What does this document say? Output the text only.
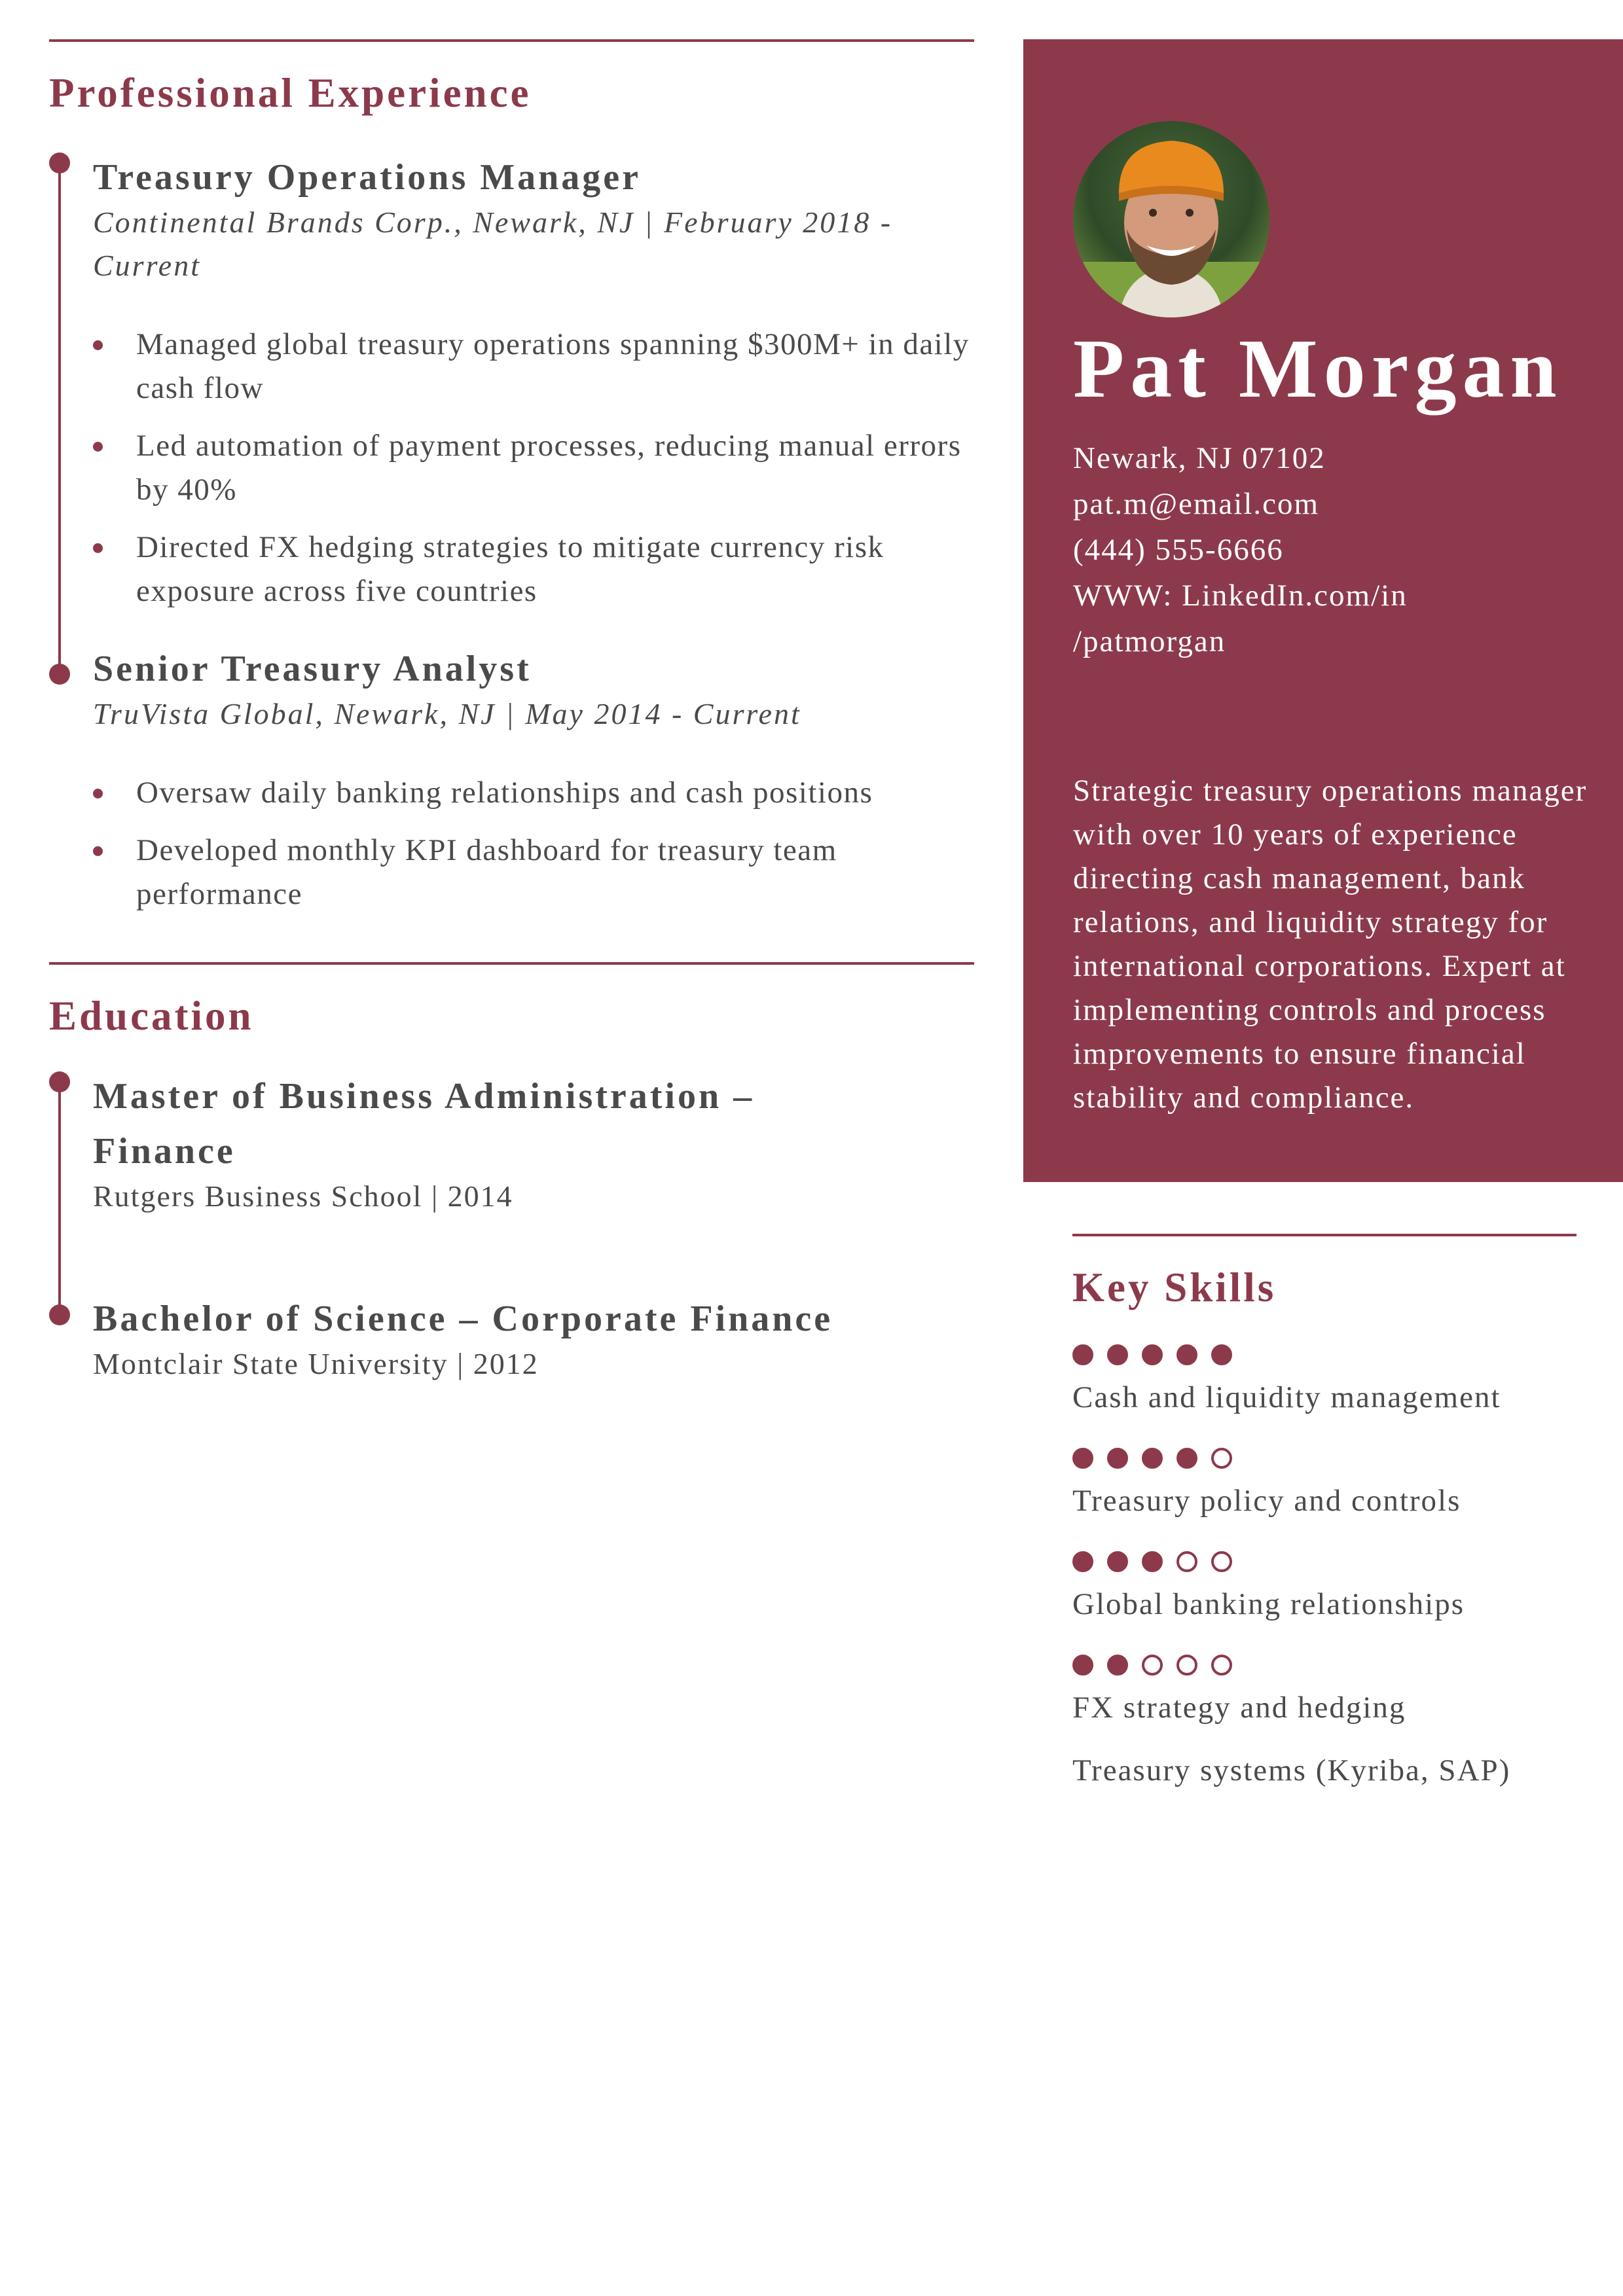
Professional Experience
Treasury Operations Manager
Continental Brands Corp., Newark, NJ | February 2018 - Current
Managed global treasury operations spanning $300M+ in daily cash flow
Led automation of payment processes, reducing manual errors by 40%
Directed FX hedging strategies to mitigate currency risk exposure across five countries
Senior Treasury Analyst
TruVista Global, Newark, NJ | May 2014 - Current
Oversaw daily banking relationships and cash positions
Developed monthly KPI dashboard for treasury team performance
Education
Master of Business Administration – Finance
Rutgers Business School | 2014
Bachelor of Science – Corporate Finance
Montclair State University | 2012
Pat Morgan
Newark, NJ 07102
pat.m@email.com
(444) 555-6666
WWW: LinkedIn.com/in
/patmorgan
Strategic treasury operations manager with over 10 years of experience directing cash management, bank relations, and liquidity strategy for international corporations. Expert at implementing controls and process improvements to ensure financial stability and compliance.
Key Skills
Cash and liquidity management
Treasury policy and controls
Global banking relationships
FX strategy and hedging
Treasury systems (Kyriba, SAP)
